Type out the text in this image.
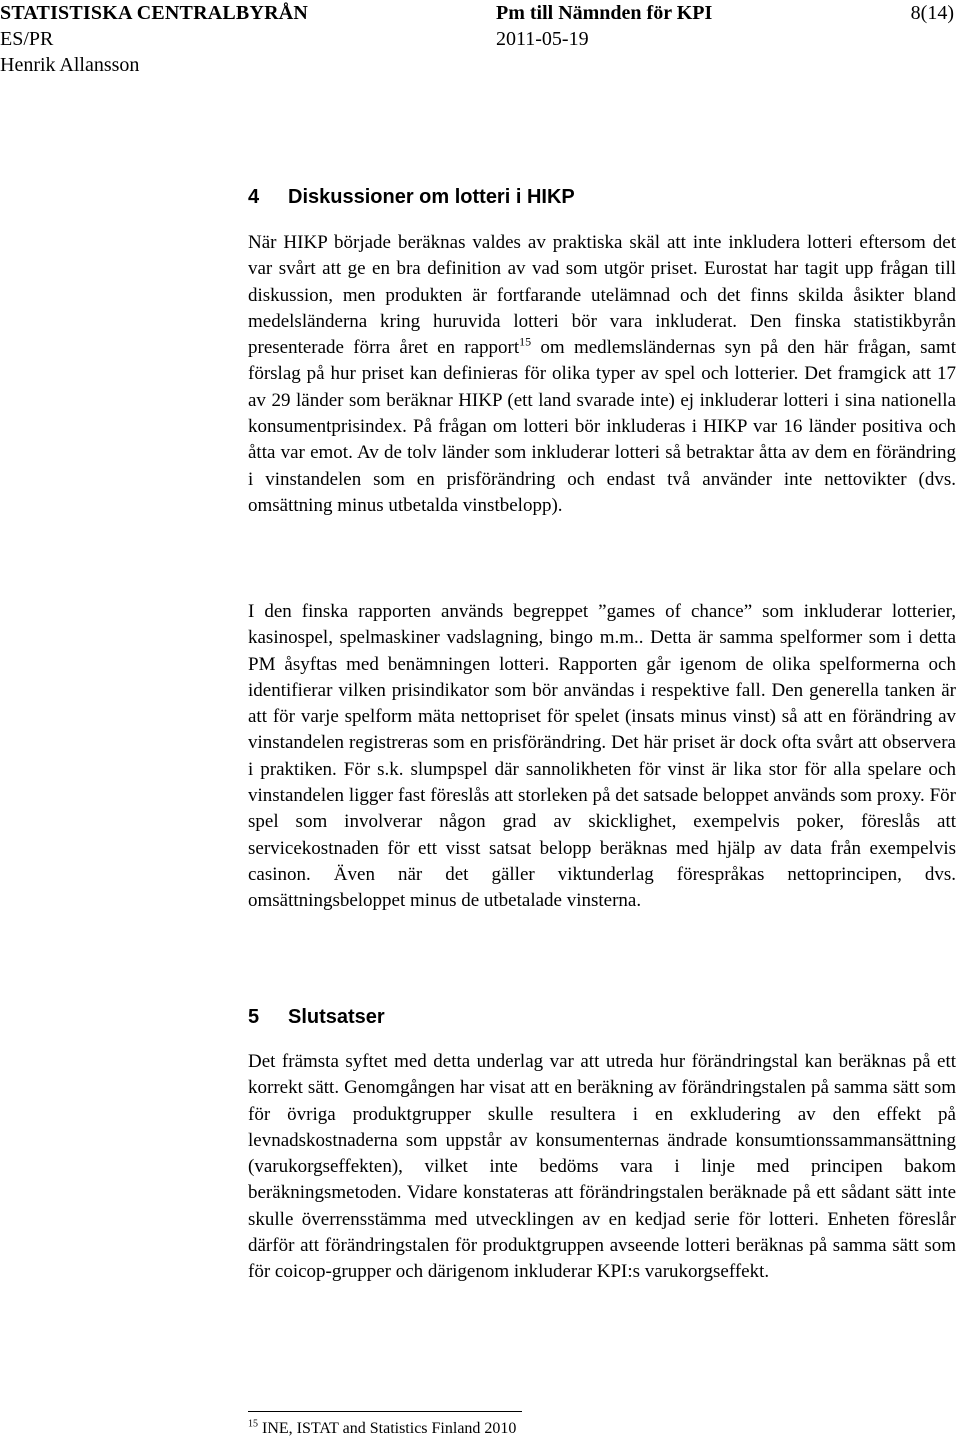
STATISTISKA CENTRALBYRÅN	Pm till Nämnden för KPI	8(14)
ES/PR	2011-05-19
Henrik Allansson
4 Diskussioner om lotteri i HIKP

När HIKP började beräknas valdes av praktiska skäl att inte inkludera lotteri eftersom det var svårt att ge en bra definition av vad som utgör priset. Eurostat har tagit upp frågan till diskussion, men produkten är fortfarande utelämnad och det finns skilda åsikter bland medelsländerna kring huruvida lotteri bör vara inkluderat. Den finska statistikbyrån presenterade förra året en rapport$^{15}$ om medlemsländernas syn på den här frågan, samt förslag på hur priset kan definieras för olika typer av spel och lotterier. Det framgick att 17 av 29 länder som beräknar HIKP (ett land svarade inte) ej inkluderar lotteri i sina nationella konsumentprisindex. På frågan om lotteri bör inkluderas i HIKP var 16 länder positiva och åtta var emot. Av de tolv länder som inkluderar lotteri så betraktar åtta av dem en förändring i vinstandelen som en prisförändring och endast två använder inte nettovikter (dvs. omsättning minus utbetalda vinstbelopp).

I den finska rapporten används begreppet ”games of chance” som inkluderar lotterier, kasinospel, spelmaskiner vadslagning, bingo m.m.. Detta är samma spelformer som i detta PM åsyftas med benämningen lotteri. Rapporten går igenom de olika spelformerna och identifierar vilken prisindikator som bör användas i respektive fall. Den generella tanken är att för varje spelform mäta nettopriset för spelet (insats minus vinst) så att en förändring av vinstandelen registreras som en prisförändring. Det här priset är dock ofta svårt att observera i praktiken. För s.k. slumpspel där sannolikheten för vinst är lika stor för alla spelare och vinstandelen ligger fast föreslås att storleken på det satsade beloppet används som proxy. För spel som involverar någon grad av skicklighet, exempelvis poker, föreslås att servicekostnaden för ett visst satsat belopp beräknas med hjälp av data från exempelvis casinon. Även när det gäller viktunderlag förespråkas nettoprincipen, dvs. omsättningsbeloppet minus de utbetalade vinsterna.

5 Slutsatser

Det främsta syftet med detta underlag var att utreda hur förändringstal kan beräknas på ett korrekt sätt. Genomgången har visat att en beräkning av förändringstalen på samma sätt som för övriga produktgrupper skulle resultera i en exkludering av den effekt på levnadskostnaderna som uppstår av konsumenternas ändrade konsumtionssammansättning (varukorgseffekten), vilket inte bedöms vara i linje med principen bakom beräkningsmetoden. Vidare konstateras att förändringstalen beräknade på ett sådant sätt inte skulle överrensstämma med utvecklingen av en kedjad serie för lotteri. Enheten föreslår därför att förändringstalen för produktgruppen avseende lotteri beräknas på samma sätt som för coicop-grupper och därigenom inkluderar KPI:s varukorgseffekt.

$^{15}$ INE, ISTAT and Statistics Finland 2010
